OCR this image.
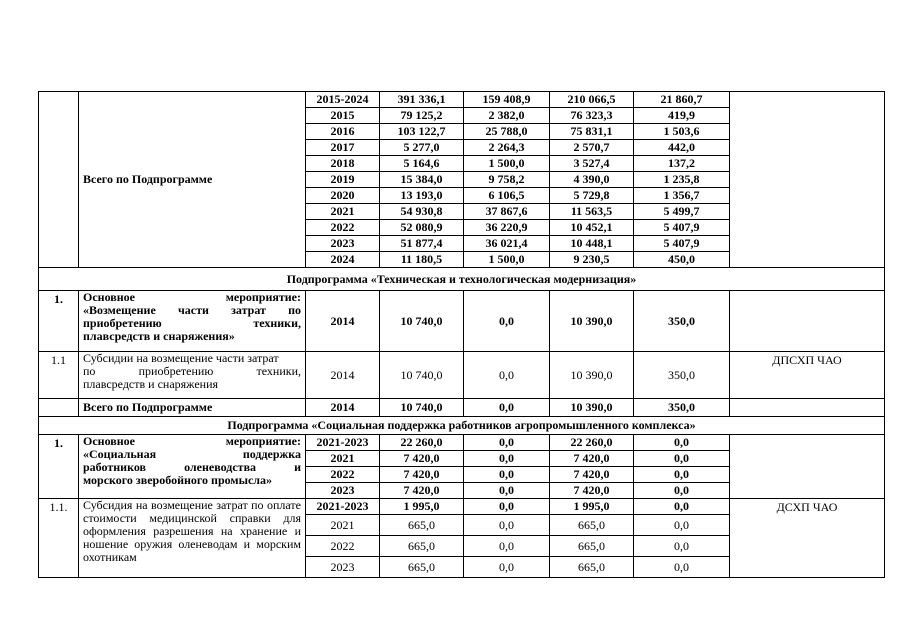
	Всего по Подпрограмме	2015-2024	391 336,1	159 408,9	210 066,5	21 860,7	
		2015	79 125,2	2 382,0	76 323,3	419,9	
		2016	103 122,7	25 788,0	75 831,1	1 503,6	
		2017	5 277,0	2 264,3	2 570,7	442,0	
		2018	5 164,6	1 500,0	3 527,4	137,2	
		2019	15 384,0	9 758,2	4 390,0	1 235,8	
		2020	13 193,0	6 106,5	5 729,8	1 356,7	
		2021	54 930,8	37 867,6	11 563,5	5 499,7	
		2022	52 080,9	36 220,9	10 452,1	5 407,9	
		2023	51 877,4	36 021,4	10 448,1	5 407,9	
		2024	11 180,5	1 500,0	9 230,5	450,0	
Подпрограмма «Техническая и технологическая модернизация»							
1.	Основное мероприятие:
«Возмещение части затрат по
приобретению техники,
плавсредств и снаряжения»	2014	10 740,0	0,0	10 390,0	350,0	
1.1	Субсидии на возмещение части затрат
по приобретению техники,
плавсредств и снаряжения	2014	10 740,0	0,0	10 390,0	350,0	ДПСХП ЧАО
	Всего по Подпрограмме	2014	10 740,0	0,0	10 390,0	350,0	
Подпрограмма «Социальная поддержка работников агропромышленного комплекса»							
1.	Основное мероприятие:
«Социальная поддержка
работников оленеводства и
морского зверобойного промысла»	2021-2023	22 260,0	0,0	22 260,0	0,0	
		2021	7 420,0	0,0	7 420,0	0,0	
		2022	7 420,0	0,0	7 420,0	0,0	
		2023	7 420,0	0,0	7 420,0	0,0	
1.1.	Субсидия на возмещение затрат по оплате стоимости медицинской справки для оформления разрешения на хранение и ношение оружия оленеводам и морским охотникам	2021-2023	1 995,0	0,0	1 995,0	0,0	ДСХП ЧАО
		2021	665,0	0,0	665,0	0,0	
		2022	665,0	0,0	665,0	0,0	
		2023	665,0	0,0	665,0	0,0	
